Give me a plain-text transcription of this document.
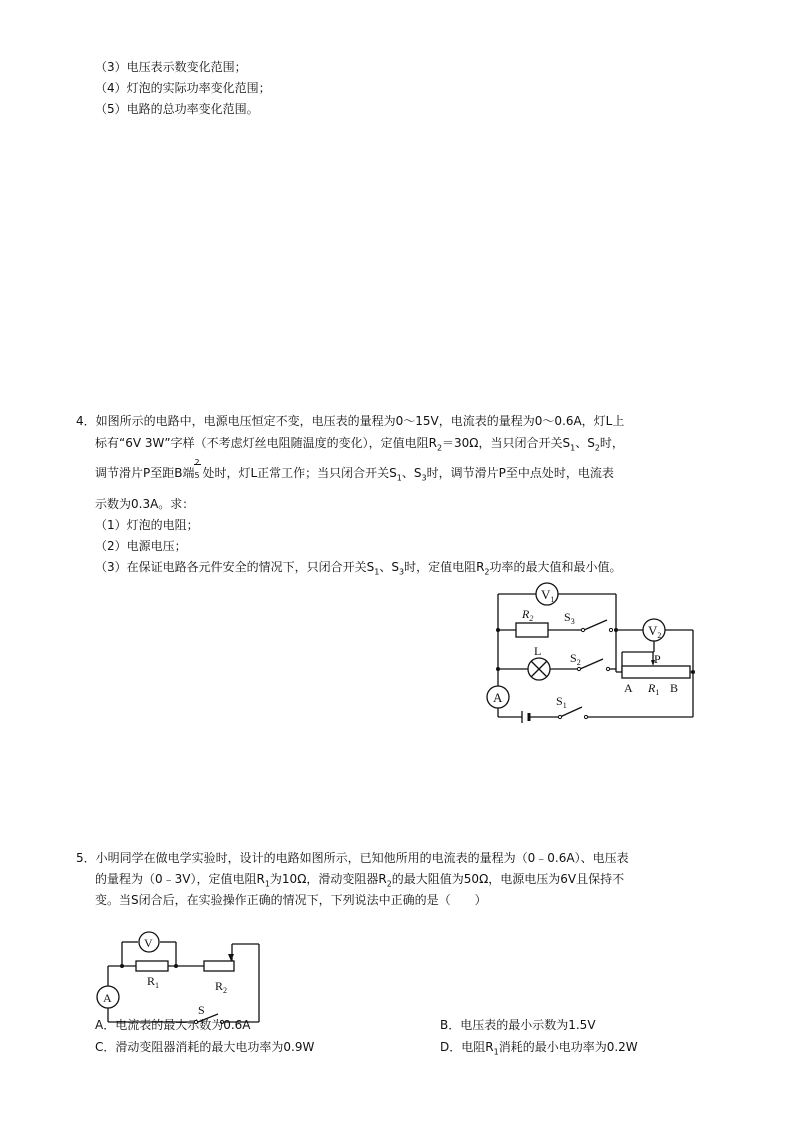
（3）电压表示数变化范围；
（4）灯泡的实际功率变化范围；
（5）电路的总功率变化范围。
4．如图所示的电路中，电源电压恒定不变，电压表的量程为0～15V，电流表的量程为0～0.6A，灯L上
标有“6V 3W”字样（不考虑灯丝电阻随温度的变化），定值电阻$R_2=30\Omega$，当只闭合开关$S_1$、$S_2$时，
调节滑片P至距B端 $\frac{2}{5}$ 处时，灯L正常工作；当只闭合开关$S_1$、$S_3$时，调节滑片P至中点处时，电流表
示数为0.3A。求：
（1）灯泡的电阻；
（2）电源电压；
（3）在保证电路各元件安全的情况下，只闭合开关$S_1$、$S_3$时，定值电阻$R_2$功率的最大值和最小值。
$V_1$
$R_2$	$S_3$
$V_2$
L $S_2$	P
A $R_1$ B
A	$S_1$
5．小明同学在做电学实验时，设计的电路如图所示，已知他所用的电流表的量程为（0﹣0.6A）、电压表
的量程为（0﹣3V），定值电阻$R_1$为10Ω，滑动变阻器$R_2$的最大阻值为50Ω，电源电压为6V且保持不
变。当S闭合后，在实验操作正确的情况下，下列说法中正确的是（　　）
V
$R_1$	$R_2$
A
S
A．电流表的最大示数为0.6A	B．电压表的最小示数为1.5V
C．滑动变阻器消耗的最大电功率为0.9W	D．电阻$R_1$消耗的最小电功率为0.2W
